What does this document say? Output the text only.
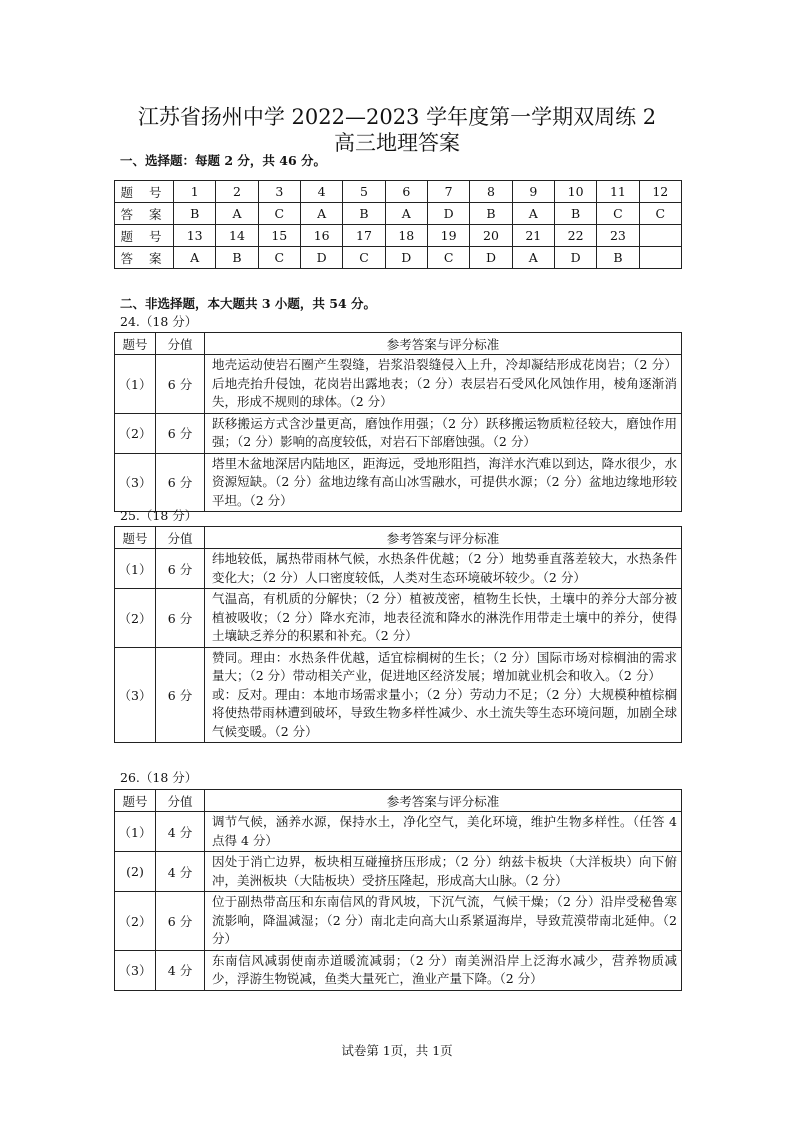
江苏省扬州中学 2022—2023 学年度第一学期双周练 2
高三地理答案
一、选择题：每题 2 分，共 46 分。
题 号	1	2	3	4	5	6	7	8	9	10	11	12
答 案	B	A	C	A	B	A	D	B	A	B	C	C
题 号	13	14	15	16	17	18	19	20	21	22	23	
答 案	A	B	C	D	C	D	C	D	A	D	B	
二、非选择题，本大题共 3 小题，共 54 分。
24.（18 分）
题号	分值	参考答案与评分标准
（1）	6 分	地壳运动使岩石圈产生裂缝，岩浆沿裂缝侵入上升，冷却凝结形成花岗岩；（2 分）后地壳抬升侵蚀，花岗岩出露地表；（2 分）表层岩石受风化风蚀作用，棱角逐渐消失，形成不规则的球体。（2 分）
（2）	6 分	跃移搬运方式含沙量更高，磨蚀作用强；（2 分）跃移搬运物质粒径较大，磨蚀作用强；（2 分）影响的高度较低，对岩石下部磨蚀强。（2 分）
（3）	6 分	塔里木盆地深居内陆地区，距海远，受地形阻挡，海洋水汽难以到达，降水很少，水资源短缺。（2 分）盆地边缘有高山冰雪融水，可提供水源；（2 分）盆地边缘地形较平坦。（2 分）
25.（18 分）
题号	分值	参考答案与评分标准
（1）	6 分	纬地较低，属热带雨林气候，水热条件优越；（2 分）地势垂直落差较大，水热条件变化大；（2 分）人口密度较低，人类对生态环境破坏较少。（2 分）
（2）	6 分	气温高，有机质的分解快；（2 分）植被茂密，植物生长快，土壤中的养分大部分被植被吸收；（2 分）降水充沛，地表径流和降水的淋洗作用带走土壤中的养分，使得土壤缺乏养分的积累和补充。（2 分）
（3）	6 分	赞同。理由：水热条件优越，适宜棕榈树的生长；（2 分）国际市场对棕榈油的需求量大；（2 分）带动相关产业，促进地区经济发展；增加就业机会和收入。（2 分）
或：反对。理由：本地市场需求量小；（2 分）劳动力不足；（2 分）大规模种植棕榈将使热带雨林遭到破坏，导致生物多样性减少、水土流失等生态环境问题，加剧全球气候变暖。（2 分）
26.（18 分）
题号	分值	参考答案与评分标准
（1）	4 分	调节气候，涵养水源，保持水土，净化空气，美化环境，维护生物多样性。（任答 4 点得 4 分）
(2)	4 分	因处于消亡边界，板块相互碰撞挤压形成；（2 分）纳兹卡板块（大洋板块）向下俯冲，美洲板块（大陆板块）受挤压隆起，形成高大山脉。（2 分）
（2）	6 分	位于副热带高压和东南信风的背风坡，下沉气流，气候干燥；（2 分）沿岸受秘鲁寒流影响，降温减湿；（2 分）南北走向高大山系紧逼海岸，导致荒漠带南北延伸。（2 分）
（3）	4 分	东南信风减弱使南赤道暖流减弱；（2 分）南美洲沿岸上泛海水减少，营养物质减少，浮游生物锐减，鱼类大量死亡，渔业产量下降。（2 分）
试卷第 1页，共 1页
